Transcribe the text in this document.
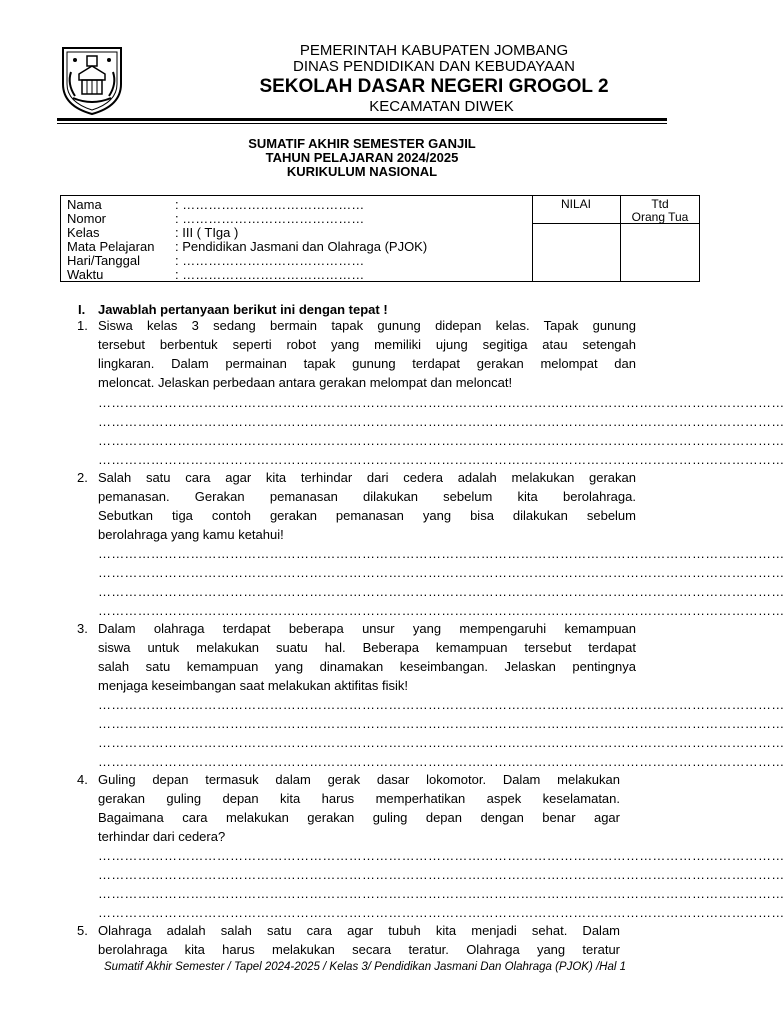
PEMERINTAH KABUPATEN JOMBANG
DINAS PENDIDIKAN DAN KEBUDAYAAN
SEKOLAH DASAR NEGERI GROGOL 2
KECAMATAN DIWEK
SUMATIF AKHIR SEMESTER GANJIL
TAHUN PELAJARAN 2024/2025
KURIKULUM NASIONAL
NILAI	Ttd
Orang Tua
Nama	: ……………………………………
Nomor	: ……………………………………
Kelas	: III ( TIga )
Mata Pelajaran : Pendidikan Jasmani dan Olahraga (PJOK)
Hari/Tanggal	: ……………………………………
Waktu	: ……………………………………
I. Jawablah pertanyaan berikut ini dengan tepat !
1. Siswa kelas 3 sedang bermain tapak gunung didepan kelas. Tapak gunung
tersebut berbentuk seperti robot yang memiliki ujung segitiga atau setengah
lingkaran. Dalam permainan tapak gunung terdapat gerakan melompat dan
meloncat. Jelaskan perbedaan antara gerakan melompat dan meloncat!
…………………………………………………………………………………………………………………………………………
…………………………………………………………………………………………………………………………………………
…………………………………………………………………………………………………………………………………………
…………………………………………………………………………………………………………………………………………
2. Salah satu cara agar kita terhindar dari cedera adalah melakukan gerakan
pemanasan. Gerakan pemanasan dilakukan sebelum kita berolahraga.
Sebutkan tiga contoh gerakan pemanasan yang bisa dilakukan sebelum
berolahraga yang kamu ketahui!
…………………………………………………………………………………………………………………………………………
…………………………………………………………………………………………………………………………………………
…………………………………………………………………………………………………………………………………………
…………………………………………………………………………………………………………………………………………
3. Dalam olahraga terdapat beberapa unsur yang mempengaruhi kemampuan
siswa untuk melakukan suatu hal. Beberapa kemampuan tersebut terdapat
salah satu kemampuan yang dinamakan keseimbangan. Jelaskan pentingnya
menjaga keseimbangan saat melakukan aktifitas fisik!
…………………………………………………………………………………………………………………………………………
…………………………………………………………………………………………………………………………………………
…………………………………………………………………………………………………………………………………………
…………………………………………………………………………………………………………………………………………
4. Guling depan termasuk dalam gerak dasar lokomotor. Dalam melakukan
gerakan guling depan kita harus memperhatikan aspek keselamatan.
Bagaimana cara melakukan gerakan guling depan dengan benar agar
terhindar dari cedera?
…………………………………………………………………………………………………………………………………………
…………………………………………………………………………………………………………………………………………
…………………………………………………………………………………………………………………………………………
…………………………………………………………………………………………………………………………………………
5. Olahraga adalah salah satu cara agar tubuh kita menjadi sehat. Dalam
berolahraga kita harus melakukan secara teratur. Olahraga yang teratur
Sumatif Akhir Semester / Tapel 2024-2025 / Kelas 3/ Pendidikan Jasmani Dan Olahraga (PJOK) /Hal 1
